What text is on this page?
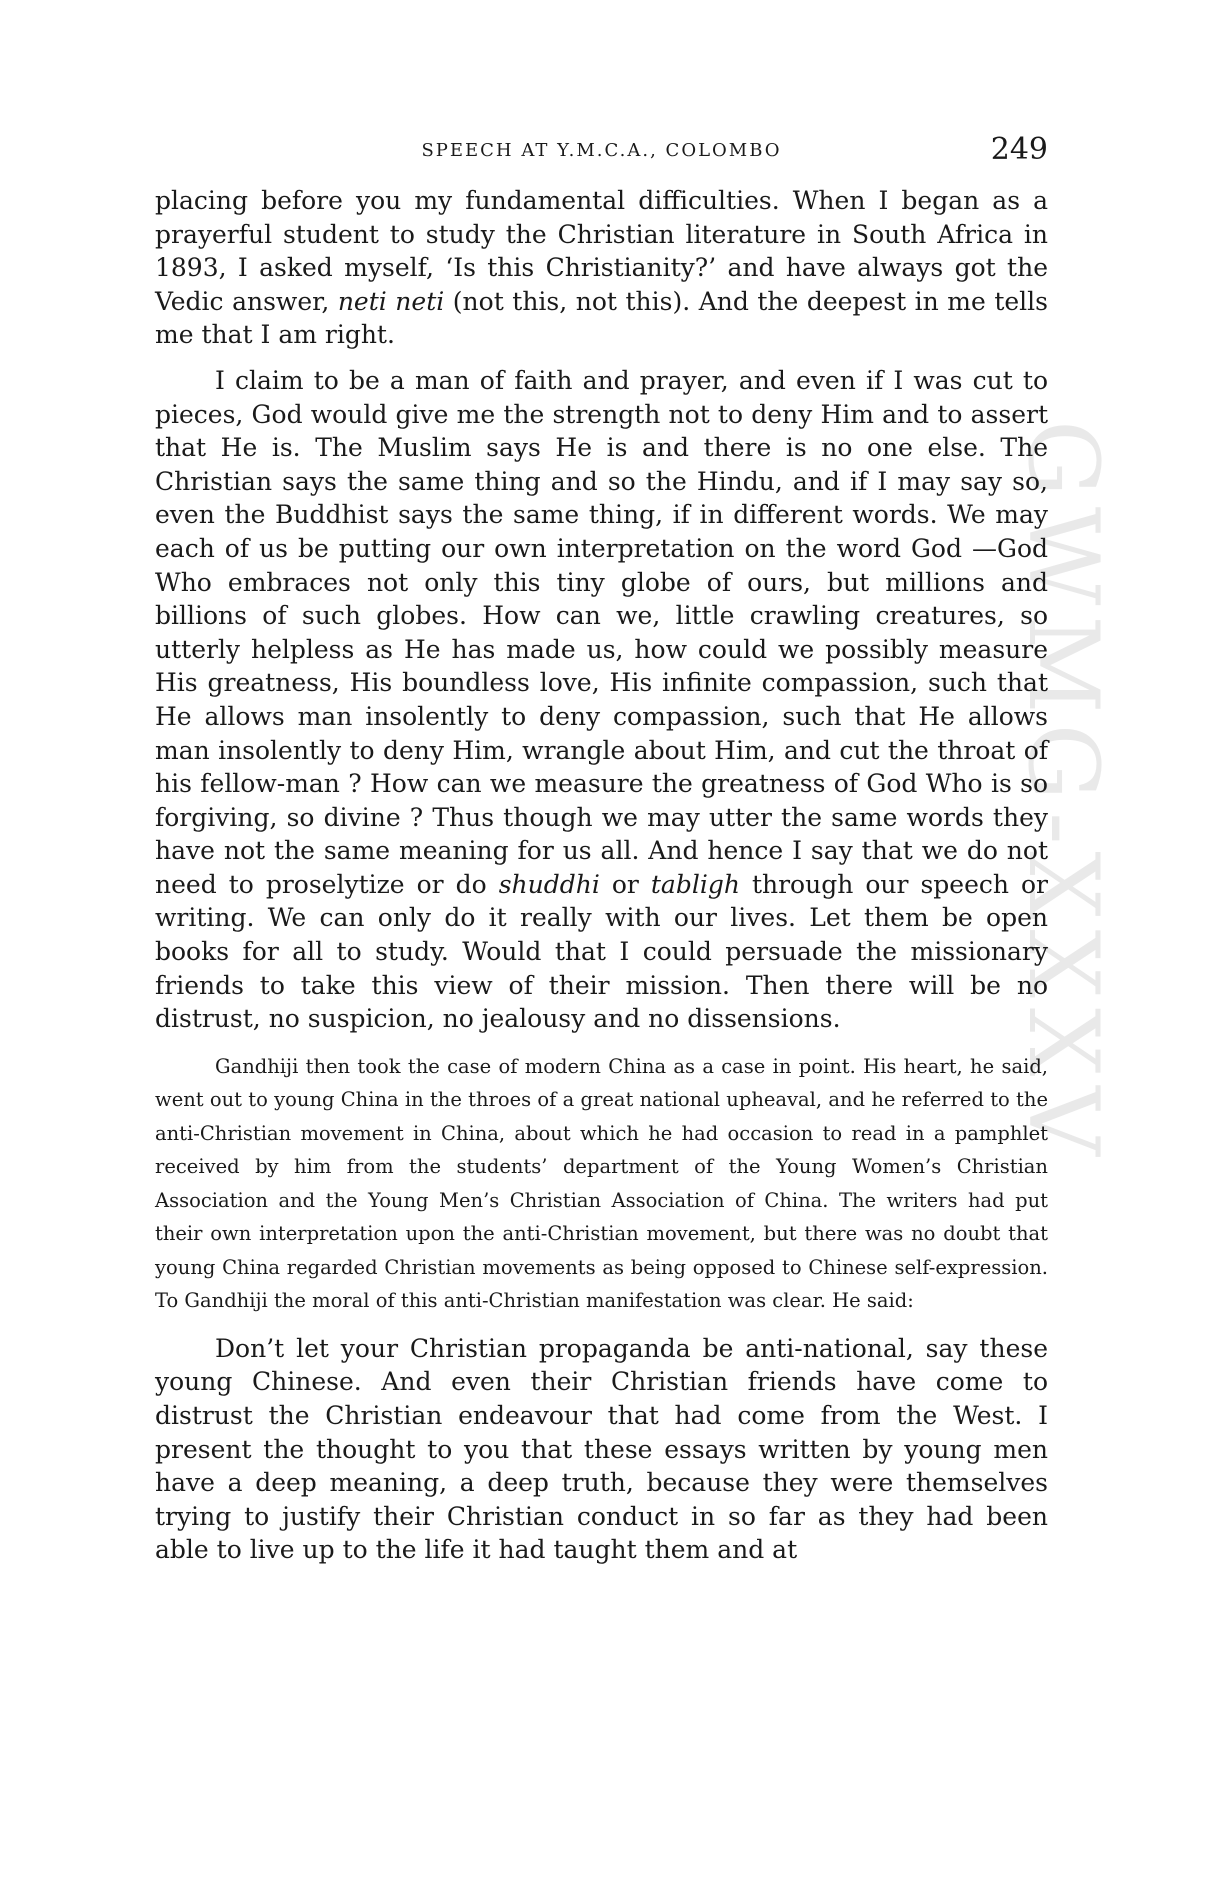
GWMG-XXXV
SPEECH AT Y.M.C.A., COLOMBO	249

placing before you my fundamental difficulties. When I began as a prayerful student to study the Christian literature in South Africa in 1893, I asked myself, ‘Is this Christianity?’ and have always got the Vedic answer, neti neti (not this, not this). And the deepest in me tells me that I am right.

I claim to be a man of faith and prayer, and even if I was cut to pieces, God would give me the strength not to deny Him and to assert that He is. The Muslim says He is and there is no one else. The Christian says the same thing and so the Hindu, and if I may say so, even the Buddhist says the same thing, if in different words. We may each of us be putting our own interpretation on the word God —God Who embraces not only this tiny globe of ours, but millions and billions of such globes. How can we, little crawling creatures, so utterly helpless as He has made us, how could we possibly measure His greatness, His boundless love, His infinite compassion, such that He allows man insolently to deny compassion, such that He allows man insolently to deny Him, wrangle about Him, and cut the throat of his fellow-man ? How can we measure the greatness of God Who is so forgiving, so divine ? Thus though we may utter the same words they have not the same meaning for us all. And hence I say that we do not need to proselytize or do shuddhi or tabligh through our speech or writing. We can only do it really with our lives. Let them be open books for all to study. Would that I could persuade the missionary friends to take this view of their mission. Then there will be no distrust, no suspicion, no jealousy and no dissensions.

Gandhiji then took the case of modern China as a case in point. His heart, he said, went out to young China in the throes of a great national upheaval, and he referred to the anti-Christian movement in China, about which he had occasion to read in a pamphlet received by him from the students’ department of the Young Women’s Christian Association and the Young Men’s Christian Association of China. The writers had put their own interpretation upon the anti-Christian movement, but there was no doubt that young China regarded Christian movements as being opposed to Chinese self-expression. To Gandhiji the moral of this anti-Christian manifestation was clear. He said:

Don’t let your Christian propaganda be anti-national, say these young Chinese. And even their Christian friends have come to distrust the Christian endeavour that had come from the West. I present the thought to you that these essays written by young men have a deep meaning, a deep truth, because they were themselves trying to justify their Christian conduct in so far as they had been able to live up to the life it had taught them and at
